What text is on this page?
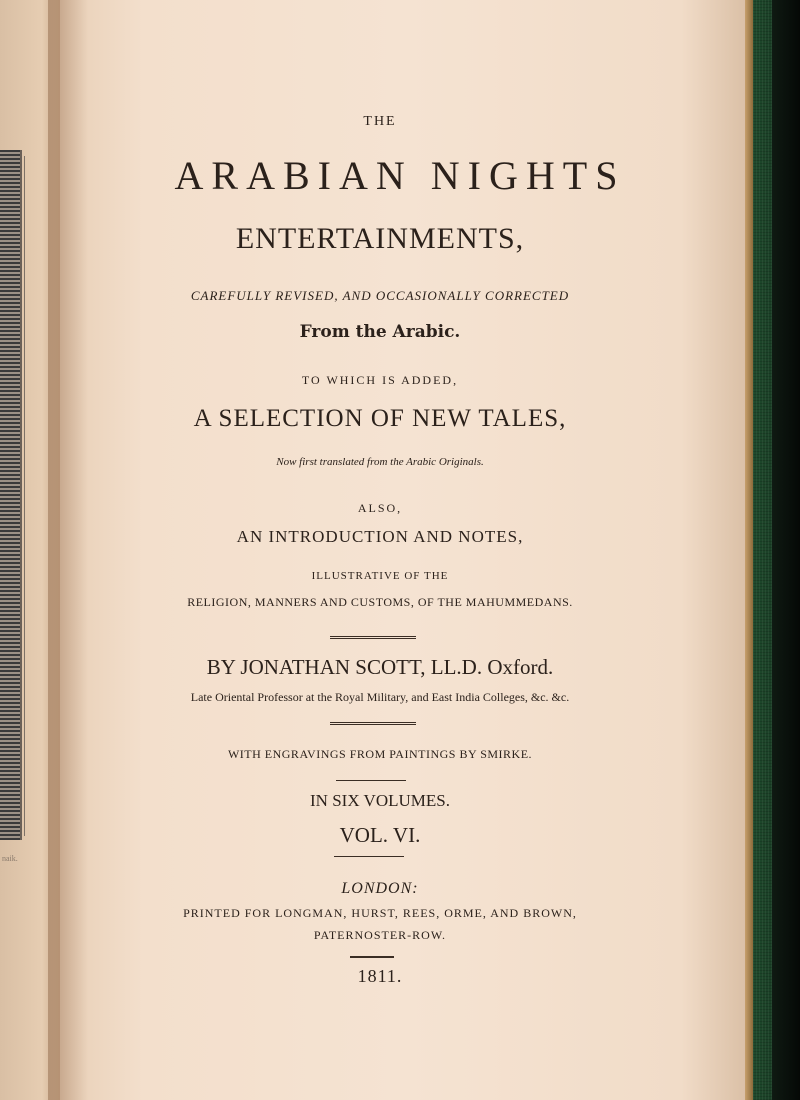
naik.
THE
ARABIAN NIGHTS
ENTERTAINMENTS,
CAREFULLY REVISED, AND OCCASIONALLY CORRECTED
From the Arabic.
TO WHICH IS ADDED,
A SELECTION OF NEW TALES,
Now first translated from the Arabic Originals.
ALSO,
AN INTRODUCTION AND NOTES,
ILLUSTRATIVE OF THE
RELIGION, MANNERS AND CUSTOMS, OF THE MAHUMMEDANS.
BY JONATHAN SCOTT, LL.D. Oxford.
Late Oriental Professor at the Royal Military, and East India Colleges, &c. &c.
WITH ENGRAVINGS FROM PAINTINGS BY SMIRKE.
IN SIX VOLUMES.
VOL. VI.
LONDON:
PRINTED FOR LONGMAN, HURST, REES, ORME, AND BROWN,
PATERNOSTER-ROW.
1811.
